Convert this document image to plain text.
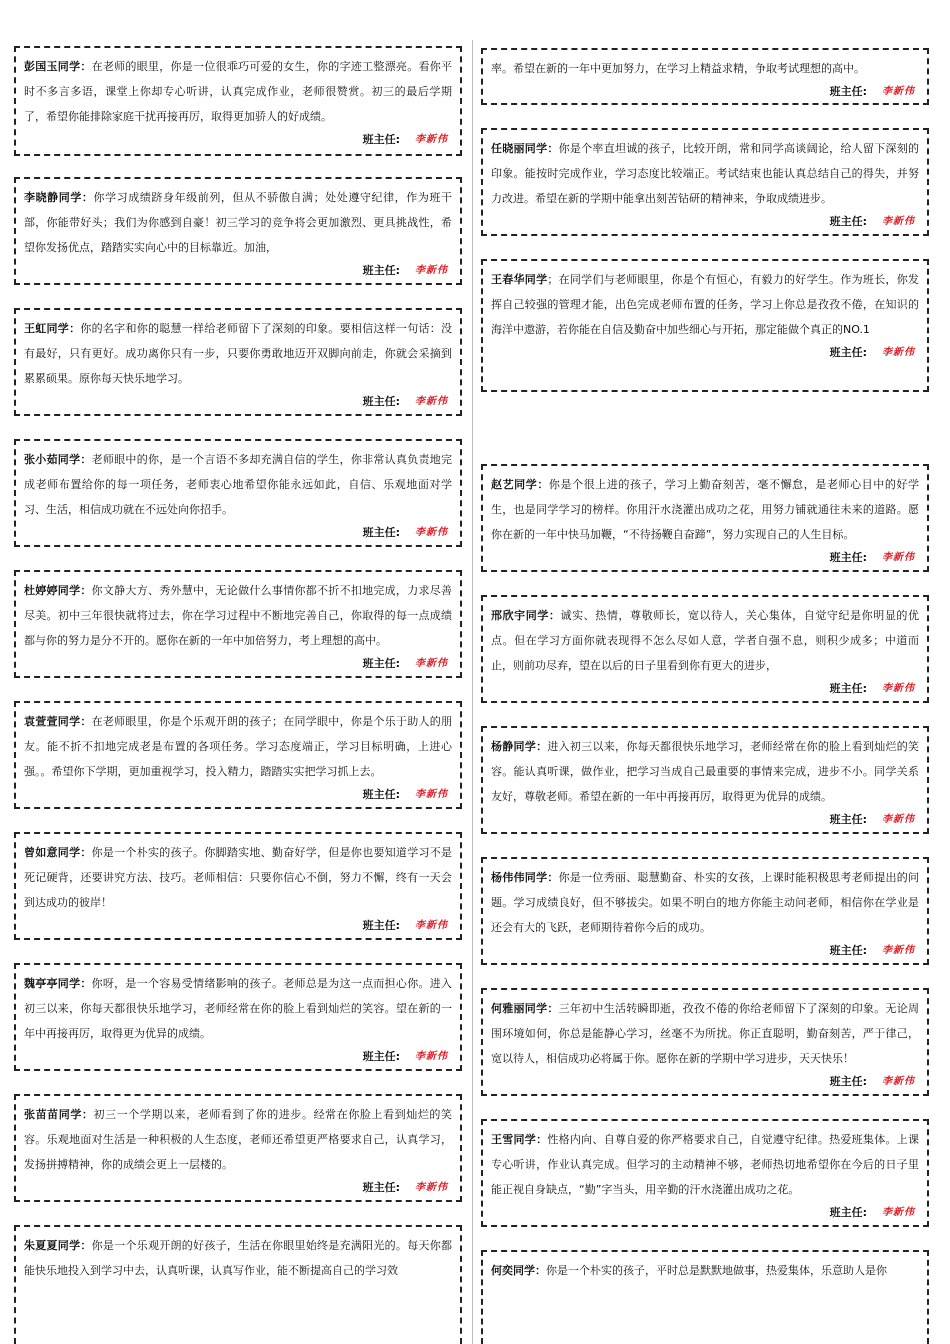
彭国玉同学：在老师的眼里，你是一位很乖巧可爱的女生，你的字迹工整漂亮。看你平时不多言多语，课堂上你却专心听讲，认真完成作业，老师很赞赏。初三的最后学期了，希望你能排除家庭干扰再接再厉，取得更加骄人的好成绩。
班主任: 李新伟
李晓静同学：你学习成绩跻身年级前列，但从不骄傲自满；处处遵守纪律，作为班干部，你能带好头；我们为你感到自豪！初三学习的竞争将会更加激烈、更具挑战性，希望你发扬优点，踏踏实实向心中的目标靠近。加油，
班主任: 李新伟
王虹同学：你的名字和你的聪慧一样给老师留下了深刻的印象。要相信这样一句话：没有最好，只有更好。成功离你只有一步，只要你勇敢地迈开双脚向前走，你就会采摘到累累硕果。原你每天快乐地学习。
班主任: 李新伟
张小茹同学：老师眼中的你，是一个言语不多却充满自信的学生，你非常认真负责地完成老师布置给你的每一项任务，老师衷心地希望你能永远如此，自信、乐观地面对学习、生活，相信成功就在不远处向你招手。
班主任: 李新伟
杜婷婷同学：你文静大方、秀外慧中，无论做什么事情你都不折不扣地完成，力求尽善尽美。初中三年很快就将过去，你在学习过程中不断地完善自己，你取得的每一点成绩都与你的努力是分不开的。愿你在新的一年中加倍努力，考上理想的高中。
班主任: 李新伟
袁萱萱同学：在老师眼里，你是个乐观开朗的孩子；在同学眼中，你是个乐于助人的朋友。能不折不扣地完成老是布置的各项任务。学习态度端正，学习目标明确，上进心强。。希望你下学期，更加重视学习，投入精力，踏踏实实把学习抓上去。
班主任: 李新伟
曾如意同学：你是一个朴实的孩子。你脚踏实地、勤奋好学，但是你也要知道学习不是死记硬背，还要讲究方法、技巧。老师相信：只要你信心不倒，努力不懈，终有一天会到达成功的彼岸！
班主任: 李新伟
魏亭亭同学：你呀，是一个容易受情绪影响的孩子。老师总是为这一点而担心你。进入初三以来，你每天都很快乐地学习，老师经常在你的脸上看到灿烂的笑容。望在新的一年中再接再厉，取得更为优异的成绩。
班主任: 李新伟
张苗苗同学：初三一个学期以来，老师看到了你的进步。经常在你脸上看到灿烂的笑容。乐观地面对生活是一种积极的人生态度，老师还希望更严格要求自己，认真学习，发扬拼搏精神，你的成绩会更上一层楼的。
班主任: 李新伟
朱夏夏同学：你是一个乐观开朗的好孩子，生活在你眼里始终是充满阳光的。每天你都能快乐地投入到学习中去，认真听课，认真写作业，能不断提高自己的学习效
率。希望在新的一年中更加努力，在学习上精益求精，争取考试理想的高中。
班主任: 李新伟
任晓丽同学：你是个率直坦诚的孩子，比较开朗，常和同学高谈阔论，给人留下深刻的印象。能按时完成作业，学习态度比较端正。考试结束也能认真总结自己的得失，并努力改进。希望在新的学期中能拿出刻苦钻研的精神来，争取成绩进步。
班主任: 李新伟
王春华同学；在同学们与老师眼里，你是个有恒心，有毅力的好学生。作为班长，你发挥自己较强的管理才能，出色完成老师布置的任务，学习上你总是孜孜不倦，在知识的海洋中遨游，若你能在自信及勤奋中加些细心与开拓，那定能做个真正的NO.1
班主任: 李新伟
赵艺同学：你是个很上进的孩子，学习上勤奋刻苦，毫不懈怠，是老师心目中的好学生，也是同学学习的榜样。你用汗水浇灌出成功之花，用努力铺就通往未来的道路。愿你在新的一年中快马加鞭，“不待扬鞭自奋蹄”，努力实现自己的人生目标。
班主任: 李新伟
邢欣宇同学：诚实、热情，尊敬师长，宽以待人，关心集体，自觉守纪是你明显的优点。但在学习方面你就表现得不怎么尽如人意，学者自强不息，则积少成多；中道而止，则前功尽弃，望在以后的日子里看到你有更大的进步，
班主任: 李新伟
杨静同学：进入初三以来，你每天都很快乐地学习，老师经常在你的脸上看到灿烂的笑容。能认真听课，做作业，把学习当成自己最重要的事情来完成，进步不小。同学关系友好，尊敬老师。希望在新的一年中再接再厉，取得更为优异的成绩。
班主任: 李新伟
杨伟伟同学：你是一位秀丽、聪慧勤奋、朴实的女孩，上课时能积极思考老师提出的问题。学习成绩良好，但不够拔尖。如果不明白的地方你能主动问老师，相信你在学业是还会有大的飞跃，老师期待着你今后的成功。
班主任: 李新伟
何雅丽同学：三年初中生活转瞬即逝，孜孜不倦的你给老师留下了深刻的印象。无论周围环境如何，你总是能静心学习，丝毫不为所扰。你正直聪明，勤奋刻苦，严于律己，宽以待人，相信成功必将属于你。愿你在新的学期中学习进步，天天快乐！
班主任: 李新伟
王雪同学：性格内向、自尊自爱的你严格要求自己，自觉遵守纪律。热爱班集体。上课专心听讲，作业认真完成。但学习的主动精神不够，老师热切地希望你在今后的日子里能正视自身缺点，“勤”字当头，用辛勤的汗水浇灌出成功之花。
班主任: 李新伟
何奕同学：你是一个朴实的孩子，平时总是默默地做事，热爱集体，乐意助人是你
